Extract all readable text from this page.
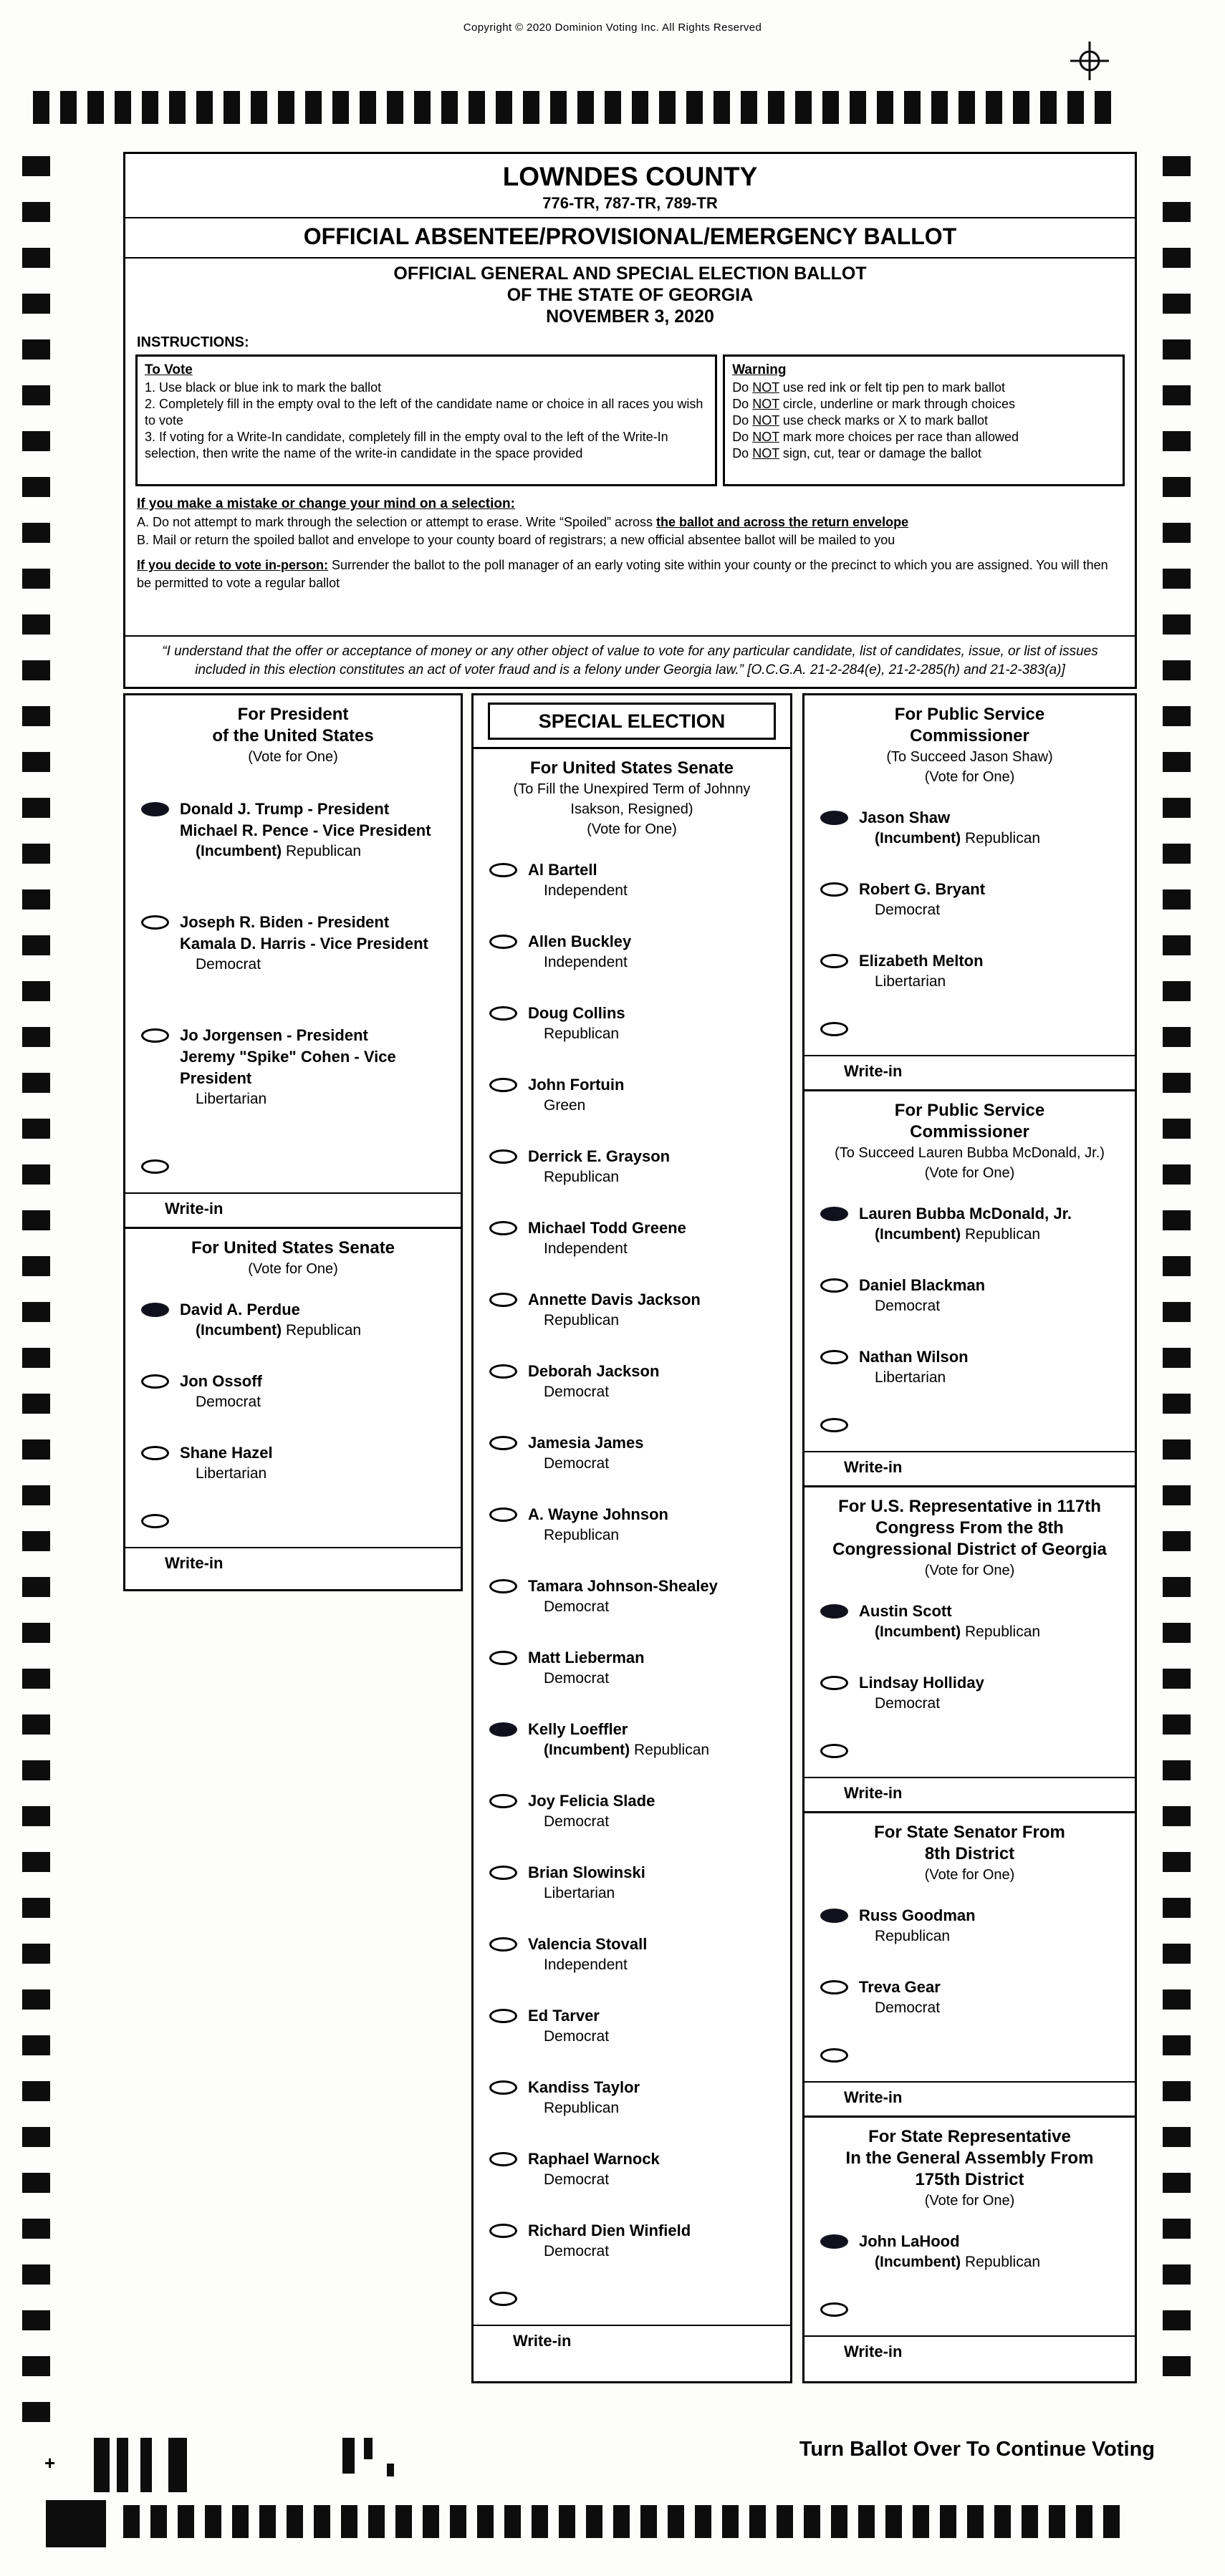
Copyright © 2020 Dominion Voting Inc. All Rights Reserved
LOWNDES COUNTY
776-TR, 787-TR, 789-TR
OFFICIAL ABSENTEE/PROVISIONAL/EMERGENCY BALLOT
OFFICIAL GENERAL AND SPECIAL ELECTION BALLOT
OF THE STATE OF GEORGIA
NOVEMBER 3, 2020
INSTRUCTIONS:
To Vote
1. Use black or blue ink to mark the ballot
2. Completely fill in the empty oval to the left of the candidate name or choice in all races you wish to vote
3. If voting for a Write-In candidate, completely fill in the empty oval to the left of the Write-In selection, then write the name of the write-in candidate in the space provided
Warning
Do NOT use red ink or felt tip pen to mark ballot
Do NOT circle, underline or mark through choices
Do NOT use check marks or X to mark ballot
Do NOT mark more choices per race than allowed
Do NOT sign, cut, tear or damage the ballot
If you make a mistake or change your mind on a selection:
A. Do not attempt to mark through the selection or attempt to erase. Write “Spoiled” across the ballot and across the return envelope
B. Mail or return the spoiled ballot and envelope to your county board of registrars; a new official absentee ballot will be mailed to you
If you decide to vote in-person: Surrender the ballot to the poll manager of an early voting site within your county or the precinct to which you are assigned. You will then be permitted to vote a regular ballot
“I understand that the offer or acceptance of money or any other object of value to vote for any particular candidate, list of candidates, issue, or list of issues included in this election constitutes an act of voter fraud and is a felony under Georgia law.” [O.C.G.A. 21-2-284(e), 21-2-285(h) and 21-2-383(a)]
For President
of the United States
(Vote for One)
Donald J. Trump - President
Michael R. Pence - Vice President
(Incumbent) Republican
Joseph R. Biden - President
Kamala D. Harris - Vice President
Democrat
Jo Jorgensen - President
Jeremy "Spike" Cohen - Vice President
Libertarian
Write-in
For United States Senate
(Vote for One)
David A. Perdue
(Incumbent) Republican
Jon Ossoff
Democrat
Shane Hazel
Libertarian
Write-in
SPECIAL ELECTION
For United States Senate
(To Fill the Unexpired Term of Johnny
Isakson, Resigned)
(Vote for One)
Al Bartell
Independent
Allen Buckley
Independent
Doug Collins
Republican
John Fortuin
Green
Derrick E. Grayson
Republican
Michael Todd Greene
Independent
Annette Davis Jackson
Republican
Deborah Jackson
Democrat
Jamesia James
Democrat
A. Wayne Johnson
Republican
Tamara Johnson-Shealey
Democrat
Matt Lieberman
Democrat
Kelly Loeffler
(Incumbent) Republican
Joy Felicia Slade
Democrat
Brian Slowinski
Libertarian
Valencia Stovall
Independent
Ed Tarver
Democrat
Kandiss Taylor
Republican
Raphael Warnock
Democrat
Richard Dien Winfield
Democrat
Write-in
For Public Service
Commissioner
(To Succeed Jason Shaw)
(Vote for One)
Jason Shaw
(Incumbent) Republican
Robert G. Bryant
Democrat
Elizabeth Melton
Libertarian
Write-in
For Public Service
Commissioner
(To Succeed Lauren Bubba McDonald, Jr.)
(Vote for One)
Lauren Bubba McDonald, Jr.
(Incumbent) Republican
Daniel Blackman
Democrat
Nathan Wilson
Libertarian
Write-in
For U.S. Representative in 117th
Congress From the 8th
Congressional District of Georgia
(Vote for One)
Austin Scott
(Incumbent) Republican
Lindsay Holliday
Democrat
Write-in
For State Senator From
8th District
(Vote for One)
Russ Goodman
Republican
Treva Gear
Democrat
Write-in
For State Representative
In the General Assembly From
175th District
(Vote for One)
John LaHood
(Incumbent) Republican
Write-in
Turn Ballot Over To Continue Voting
+
